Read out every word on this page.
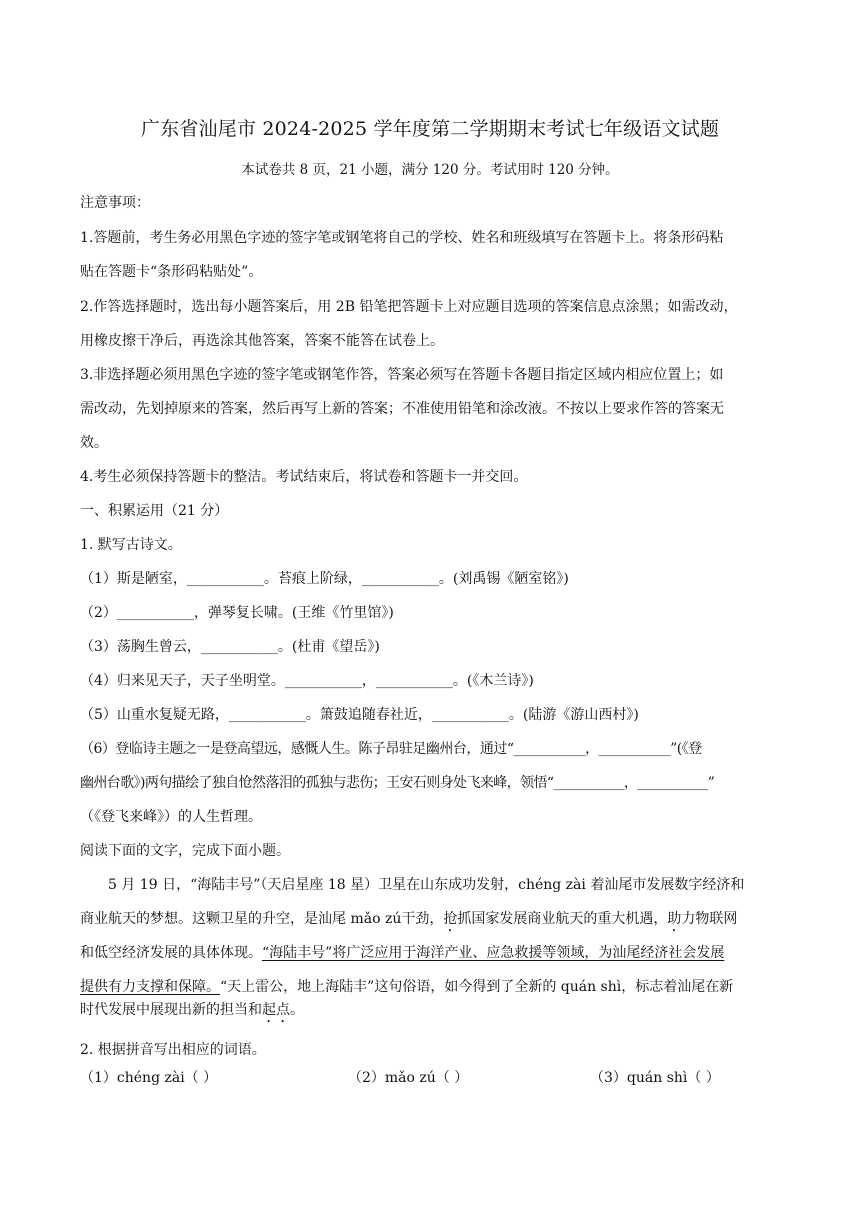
广东省汕尾市 2024-2025 学年度第二学期期末考试七年级语文试题

本试卷共 8 页，21 小题，满分 120 分。考试用时 120 分钟。

注意事项：

1.答题前，考生务必用黑色字迹的签字笔或钢笔将自己的学校、姓名和班级填写在答题卡上。将条形码粘

贴在答题卡“条形码粘贴处”。

2.作答选择题时，选出每小题答案后，用 2B 铅笔把答题卡上对应题目选项的答案信息点涂黑；如需改动，

用橡皮擦干净后，再选涂其他答案，答案不能答在试卷上。

3.非选择题必须用黑色字迹的签字笔或钢笔作答，答案必须写在答题卡各题目指定区域内相应位置上；如

需改动，先划掉原来的答案，然后再写上新的答案；不准使用铅笔和涂改液。不按以上要求作答的答案无

效。

4.考生必须保持答题卡的整洁。考试结束后，将试卷和答题卡一并交回。

一、积累运用（21 分）

1. 默写古诗文。

（1）斯是陋室，___________。苔痕上阶绿，___________。(刘禹锡《陋室铭》)

（2）___________，弹琴复长啸。(王维《竹里馆》)

（3）荡胸生曾云，___________。(杜甫《望岳》)

（4）归来见天子，天子坐明堂。___________，___________。(《木兰诗》)

（5）山重水复疑无路，___________。箫鼓追随春社近，___________。(陆游《游山西村》)

（6）登临诗主题之一是登高望远，感慨人生。陈子昂驻足幽州台，通过“___________，___________”(《登

幽州台歌》)两句描绘了独自怆然落泪的孤独与悲伤；王安石则身处飞来峰，领悟“___________，___________”

（《登飞来峰》）的人生哲理。

阅读下面的文字，完成下面小题。

5 月 19 日，“海陆丰号”（天启星座 18 星）卫星在山东成功发射，chéng zài 着汕尾市发展数字经济和

商业航天的梦想。这颗卫星的升空，是汕尾 mǎo zú干劲，抢抓国家发展商业航天的重大机遇，助力物联网

和低空经济发展的具体体现。“海陆丰号”将广泛应用于海洋产业、应急救援等领域，为汕尾经济社会发展

提供有力支撑和保障。“天上雷公，地上海陆丰”这句俗语，如今得到了全新的 quán shì，标志着汕尾在新

时代发展中展现出新的担当和起点。

2. 根据拼音写出相应的词语。

（1）chéng zài（ ）	（2）mǎo zú（ ）	（3）quán shì（ ）
